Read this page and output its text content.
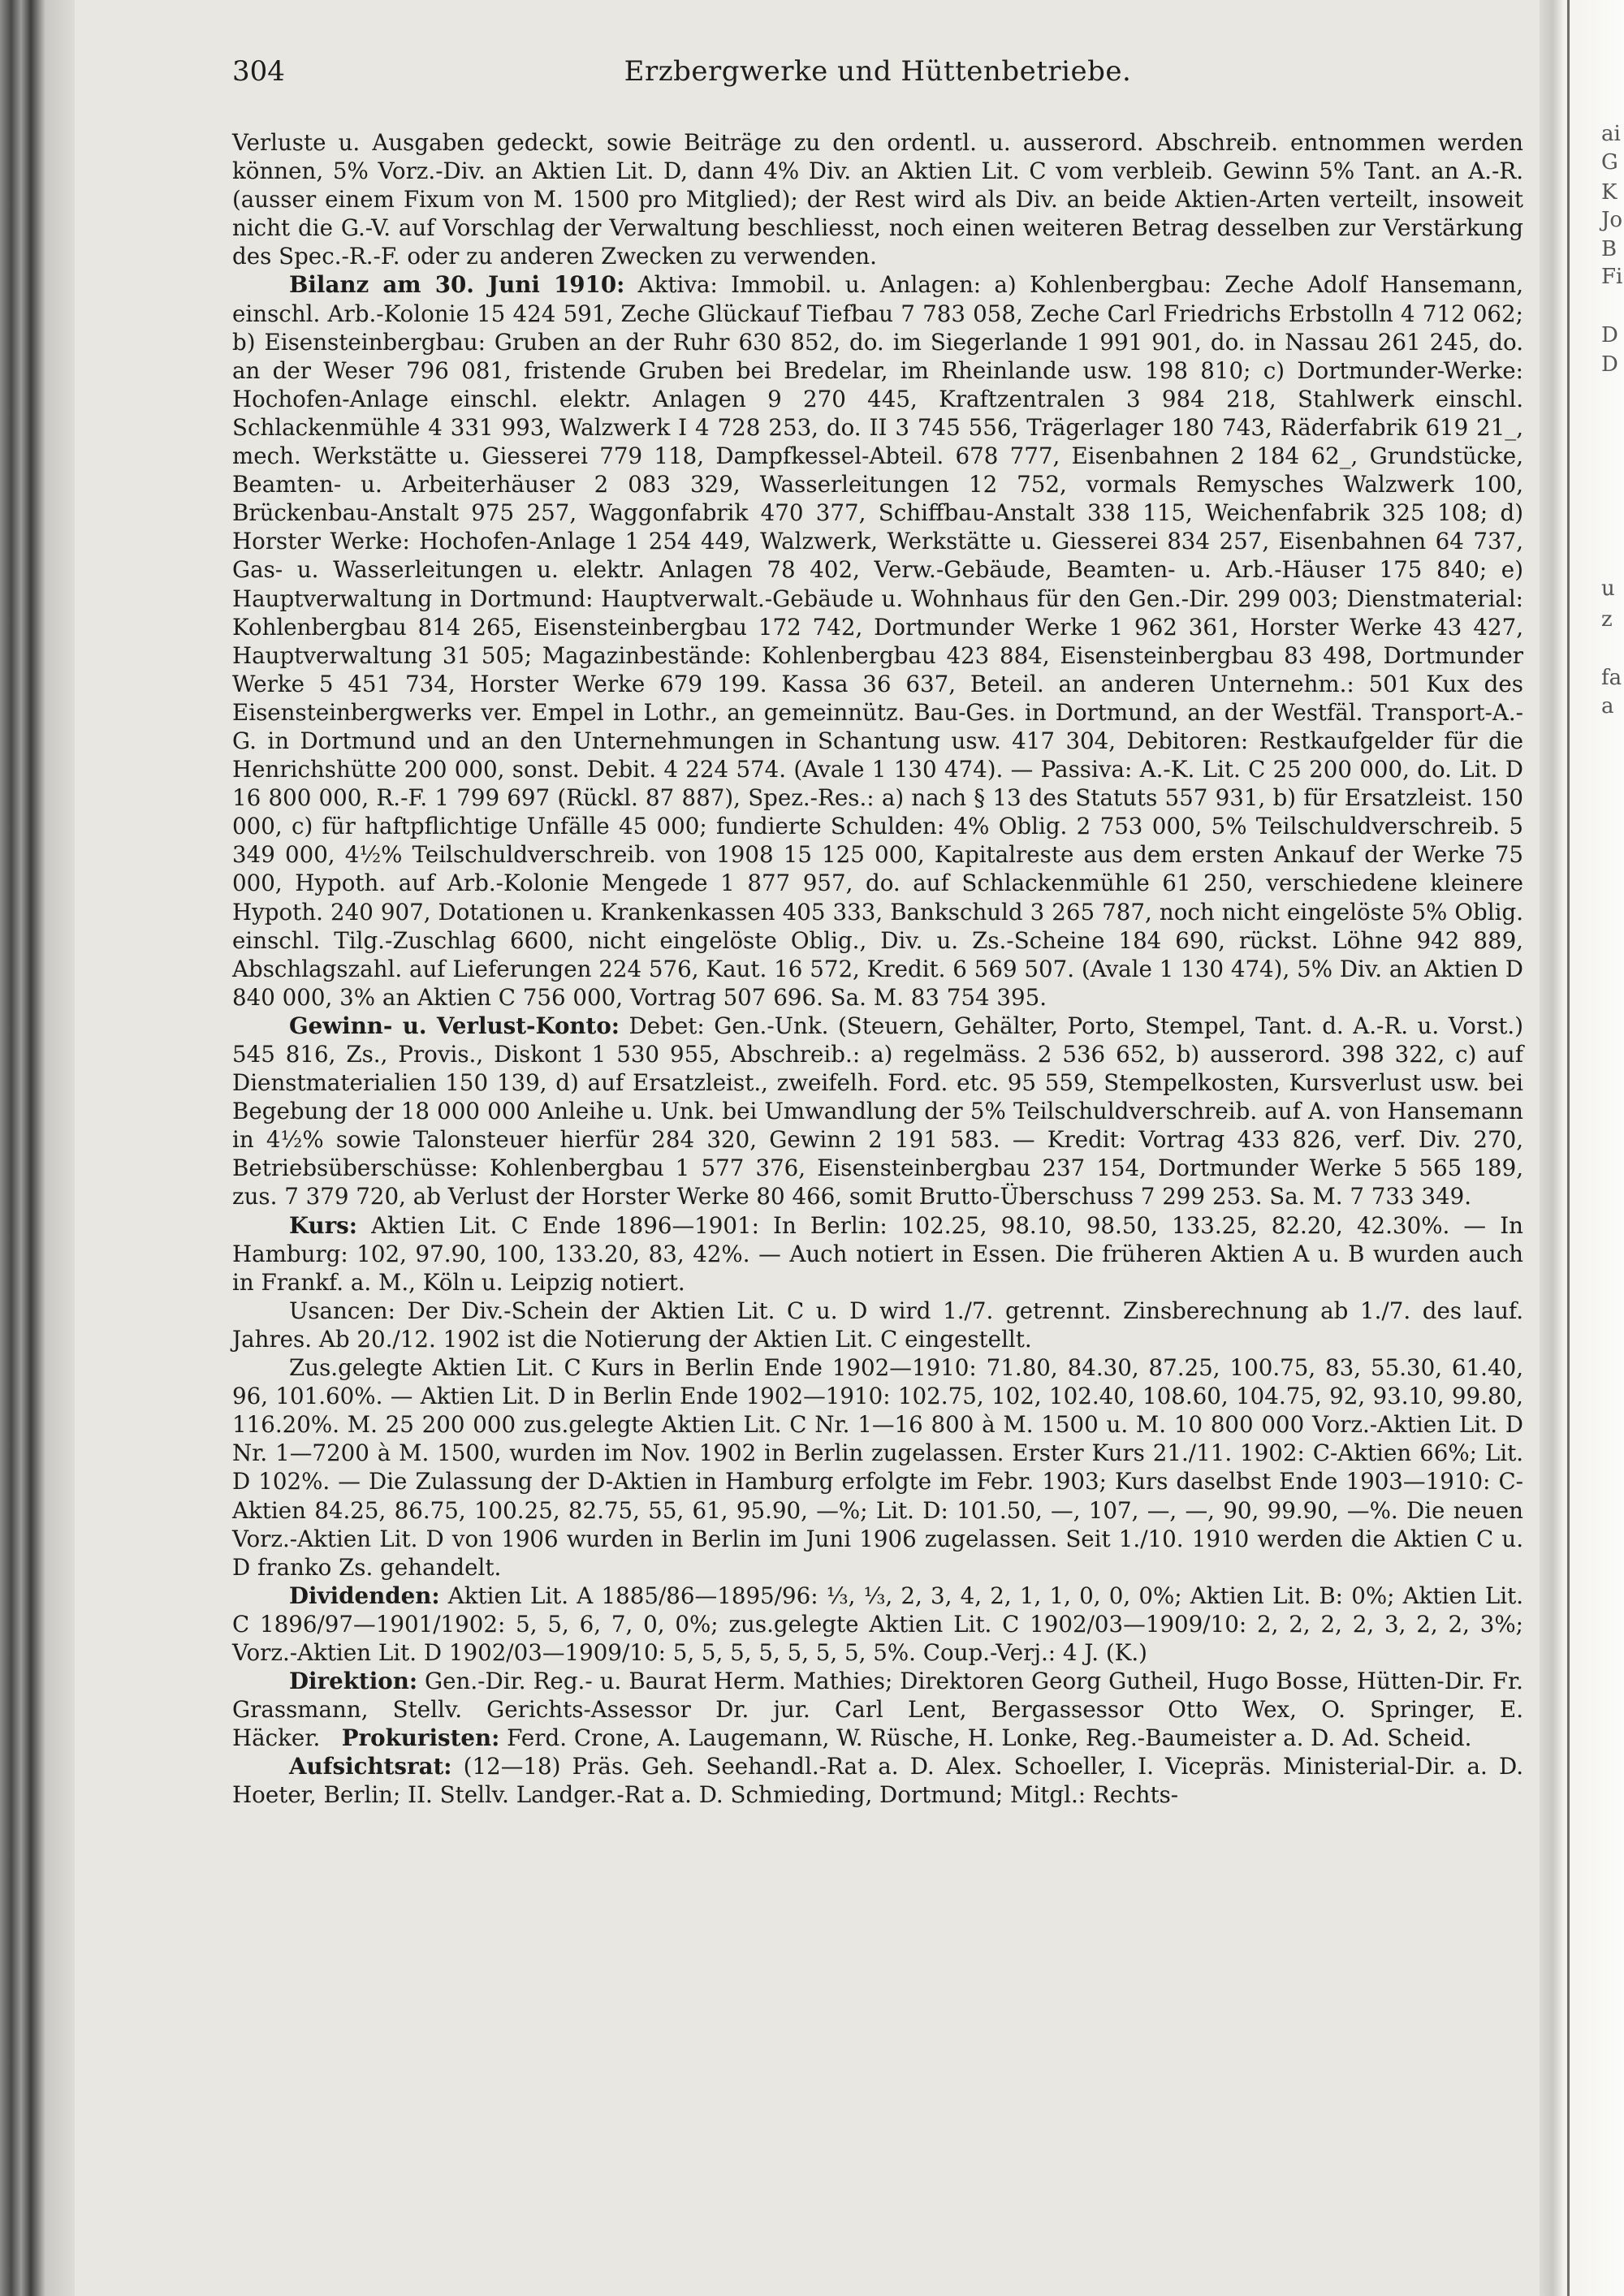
ai
G
K
Jo
B
Fi
D
D
u
z
fa
a
Erzbergwerke und Hüttenbetriebe.
304

Verluste u. Ausgaben gedeckt, sowie Beiträge zu den ordentl. u. ausserord. Abschreib. entnommen werden können, 5% Vorz.-Div. an Aktien Lit. D, dann 4% Div. an Aktien Lit. C vom verbleib. Gewinn 5% Tant. an A.-R. (ausser einem Fixum von M. 1500 pro Mitglied); der Rest wird als Div. an beide Aktien-Arten verteilt, insoweit nicht die G.-V. auf Vorschlag der Verwaltung beschliesst, noch einen weiteren Betrag desselben zur Verstärkung des Spec.-R.-F. oder zu anderen Zwecken zu verwenden.

Bilanz am 30. Juni 1910: Aktiva: Immobil. u. Anlagen: a) Kohlenbergbau: Zeche Adolf Hansemann, einschl. Arb.-Kolonie 15 424 591, Zeche Glückauf Tiefbau 7 783 058, Zeche Carl Friedrichs Erbstolln 4 712 062; b) Eisensteinbergbau: Gruben an der Ruhr 630 852, do. im Siegerlande 1 991 901, do. in Nassau 261 245, do. an der Weser 796 081, fristende Gruben bei Bredelar, im Rheinlande usw. 198 810; c) Dortmunder-Werke: Hochofen-Anlage einschl. elektr. Anlagen 9 270 445, Kraftzentralen 3 984 218, Stahlwerk einschl. Schlackenmühle 4 331 993, Walzwerk I 4 728 253, do. II 3 745 556, Trägerlager 180 743, Räderfabrik 619 21_, mech. Werkstätte u. Giesserei 779 118, Dampfkessel-Abteil. 678 777, Eisenbahnen 2 184 62_, Grundstücke, Beamten- u. Arbeiterhäuser 2 083 329, Wasserleitungen 12 752, vormals Remysches Walzwerk 100, Brückenbau-Anstalt 975 257, Waggonfabrik 470 377, Schiffbau-Anstalt 338 115, Weichenfabrik 325 108; d) Horster Werke: Hochofen-Anlage 1 254 449, Walzwerk, Werkstätte u. Giesserei 834 257, Eisenbahnen 64 737, Gas- u. Wasserleitungen u. elektr. Anlagen 78 402, Verw.-Gebäude, Beamten- u. Arb.-Häuser 175 840; e) Hauptverwaltung in Dortmund: Hauptverwalt.-Gebäude u. Wohnhaus für den Gen.-Dir. 299 003; Dienstmaterial: Kohlenbergbau 814 265, Eisensteinbergbau 172 742, Dortmunder Werke 1 962 361, Horster Werke 43 427, Hauptverwaltung 31 505; Magazinbestände: Kohlenbergbau 423 884, Eisensteinbergbau 83 498, Dortmunder Werke 5 451 734, Horster Werke 679 199. Kassa 36 637, Beteil. an anderen Unternehm.: 501 Kux des Eisensteinbergwerks ver. Empel in Lothr., an gemeinnütz. Bau-Ges. in Dortmund, an der Westfäl. Transport-A.-G. in Dortmund und an den Unternehmungen in Schantung usw. 417 304, Debitoren: Restkaufgelder für die Henrichshütte 200 000, sonst. Debit. 4 224 574. (Avale 1 130 474). — Passiva: A.-K. Lit. C 25 200 000, do. Lit. D 16 800 000, R.-F. 1 799 697 (Rückl. 87 887), Spez.-Res.: a) nach § 13 des Statuts 557 931, b) für Ersatzleist. 150 000, c) für haftpflichtige Unfälle 45 000; fundierte Schulden: 4% Oblig. 2 753 000, 5% Teilschuldverschreib. 5 349 000, 4½% Teilschuldverschreib. von 1908 15 125 000, Kapitalreste aus dem ersten Ankauf der Werke 75 000, Hypoth. auf Arb.-Kolonie Mengede 1 877 957, do. auf Schlackenmühle 61 250, verschiedene kleinere Hypoth. 240 907, Dotationen u. Krankenkassen 405 333, Bankschuld 3 265 787, noch nicht eingelöste 5% Oblig. einschl. Tilg.-Zuschlag 6600, nicht eingelöste Oblig., Div. u. Zs.-Scheine 184 690, rückst. Löhne 942 889, Abschlagszahl. auf Lieferungen 224 576, Kaut. 16 572, Kredit. 6 569 507. (Avale 1 130 474), 5% Div. an Aktien D 840 000, 3% an Aktien C 756 000, Vortrag 507 696. Sa. M. 83 754 395.

Gewinn- u. Verlust-Konto: Debet: Gen.-Unk. (Steuern, Gehälter, Porto, Stempel, Tant. d. A.-R. u. Vorst.) 545 816, Zs., Provis., Diskont 1 530 955, Abschreib.: a) regelmäss. 2 536 652, b) ausserord. 398 322, c) auf Dienstmaterialien 150 139, d) auf Ersatzleist., zweifelh. Ford. etc. 95 559, Stempelkosten, Kursverlust usw. bei Begebung der 18 000 000 Anleihe u. Unk. bei Umwandlung der 5% Teilschuldverschreib. auf A. von Hansemann in 4½% sowie Talonsteuer hierfür 284 320, Gewinn 2 191 583. — Kredit: Vortrag 433 826, verf. Div. 270, Betriebsüberschüsse: Kohlenbergbau 1 577 376, Eisensteinbergbau 237 154, Dortmunder Werke 5 565 189, zus. 7 379 720, ab Verlust der Horster Werke 80 466, somit Brutto-Überschuss 7 299 253. Sa. M. 7 733 349.

Kurs: Aktien Lit. C Ende 1896—1901: In Berlin: 102.25, 98.10, 98.50, 133.25, 82.20, 42.30%. — In Hamburg: 102, 97.90, 100, 133.20, 83, 42%. — Auch notiert in Essen. Die früheren Aktien A u. B wurden auch in Frankf. a. M., Köln u. Leipzig notiert.

Usancen: Der Div.-Schein der Aktien Lit. C u. D wird 1./7. getrennt. Zinsberechnung ab 1./7. des lauf. Jahres. Ab 20./12. 1902 ist die Notierung der Aktien Lit. C eingestellt.

Zus.gelegte Aktien Lit. C Kurs in Berlin Ende 1902—1910: 71.80, 84.30, 87.25, 100.75, 83, 55.30, 61.40, 96, 101.60%. — Aktien Lit. D in Berlin Ende 1902—1910: 102.75, 102, 102.40, 108.60, 104.75, 92, 93.10, 99.80, 116.20%. M. 25 200 000 zus.gelegte Aktien Lit. C Nr. 1—16 800 à M. 1500 u. M. 10 800 000 Vorz.-Aktien Lit. D Nr. 1—7200 à M. 1500, wurden im Nov. 1902 in Berlin zugelassen. Erster Kurs 21./11. 1902: C-Aktien 66%; Lit. D 102%. — Die Zulassung der D-Aktien in Hamburg erfolgte im Febr. 1903; Kurs daselbst Ende 1903—1910: C-Aktien 84.25, 86.75, 100.25, 82.75, 55, 61, 95.90, —%; Lit. D: 101.50, —, 107, —, —, 90, 99.90, —%. Die neuen Vorz.-Aktien Lit. D von 1906 wurden in Berlin im Juni 1906 zugelassen. Seit 1./10. 1910 werden die Aktien C u. D franko Zs. gehandelt.

Dividenden: Aktien Lit. A 1885/86—1895/96: ⅓, ⅓, 2, 3, 4, 2, 1, 1, 0, 0, 0%; Aktien Lit. B: 0%; Aktien Lit. C 1896/97—1901/1902: 5, 5, 6, 7, 0, 0%; zus.gelegte Aktien Lit. C 1902/03—1909/10: 2, 2, 2, 2, 3, 2, 2, 3%; Vorz.-Aktien Lit. D 1902/03—1909/10: 5, 5, 5, 5, 5, 5, 5, 5%. Coup.-Verj.: 4 J. (K.)

Direktion: Gen.-Dir. Reg.- u. Baurat Herm. Mathies; Direktoren Georg Gutheil, Hugo Bosse, Hütten-Dir. Fr. Grassmann, Stellv. Gerichts-Assessor Dr. jur. Carl Lent, Bergassessor Otto Wex, O. Springer, E. Häcker. Prokuristen: Ferd. Crone, A. Laugemann, W. Rüsche, H. Lonke, Reg.-Baumeister a. D. Ad. Scheid.

Aufsichtsrat: (12—18) Präs. Geh. Seehandl.-Rat a. D. Alex. Schoeller, I. Vicepräs. Ministerial-Dir. a. D. Hoeter, Berlin; II. Stellv. Landger.-Rat a. D. Schmieding, Dortmund; Mitgl.: Rechts-
